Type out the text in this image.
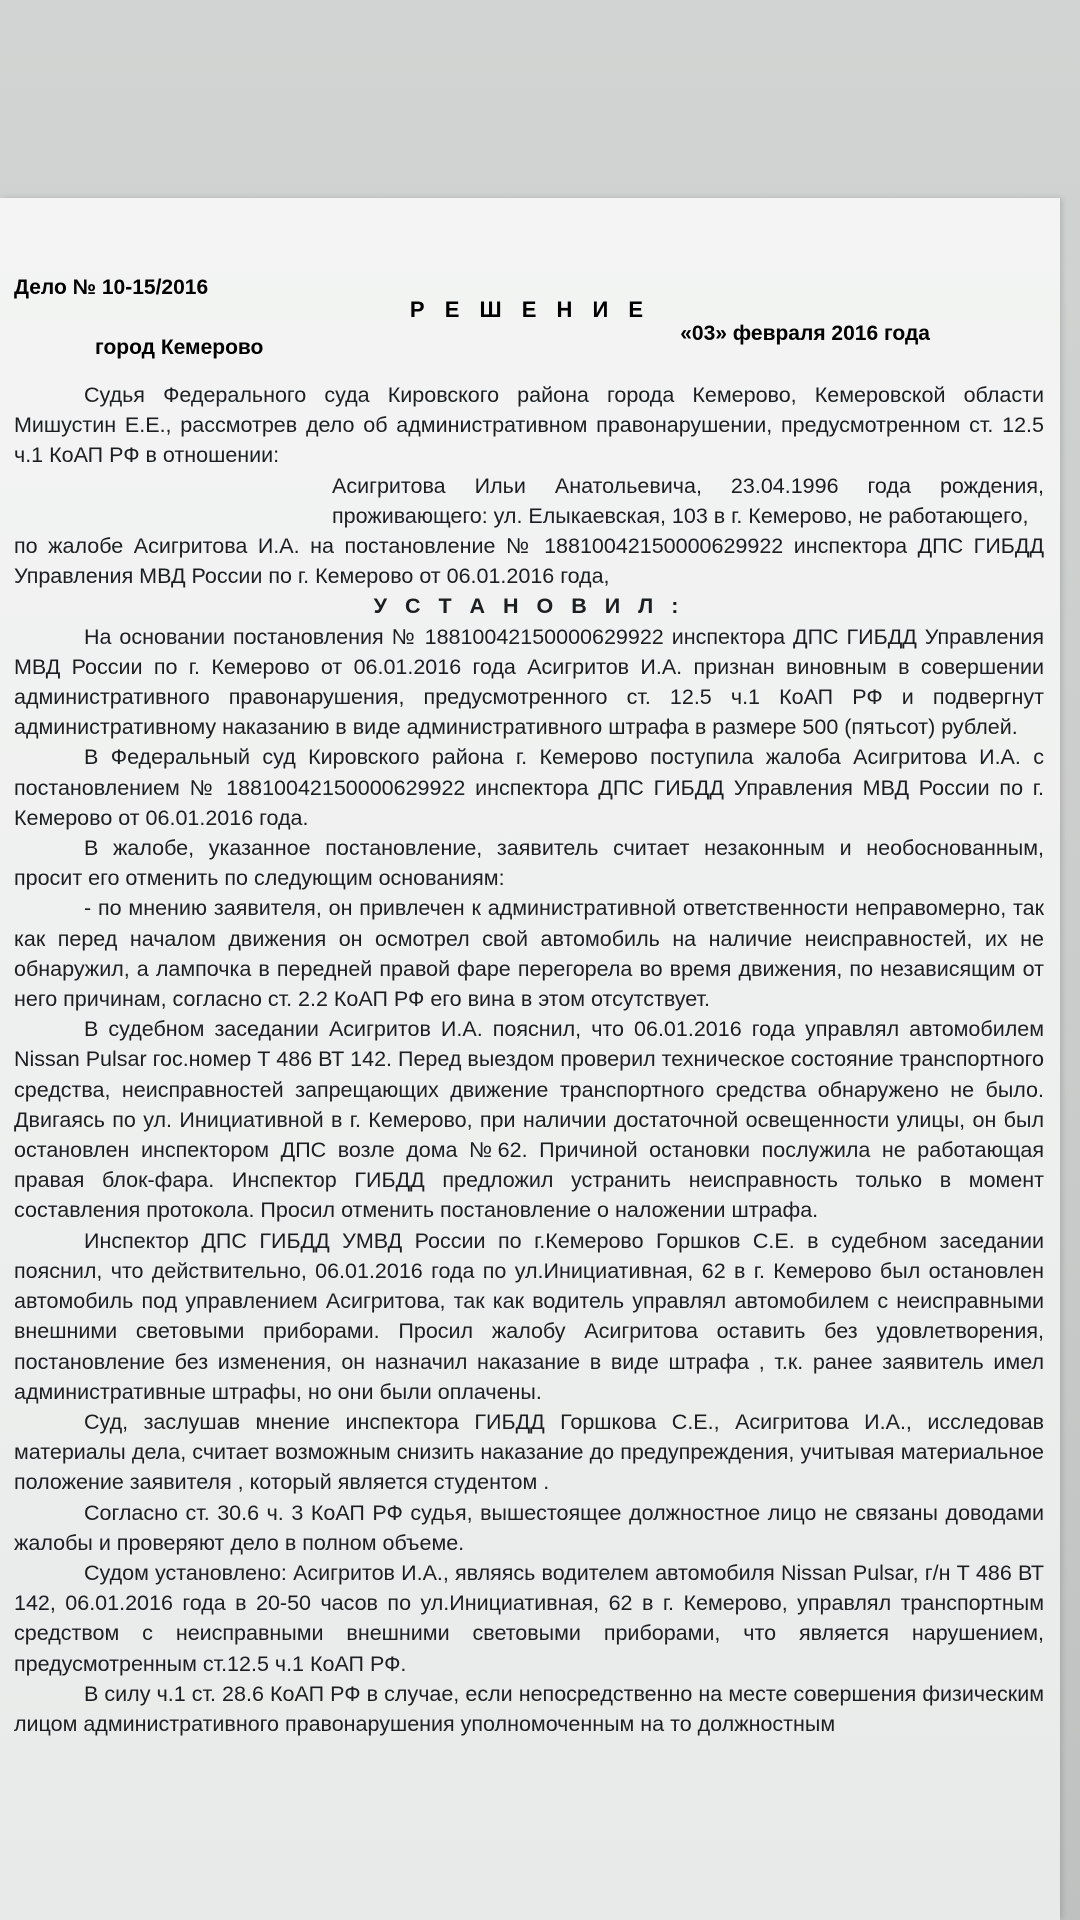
Дело № 10-15/2016
Р Е Ш Е Н И Е
«03» февраля 2016 года
город Кемерово

Судья Федерального суда Кировского района города Кемерово, Кемеровской области Мишустин Е.Е., рассмотрев дело об административном правонарушении, предусмотренном ст. 12.5 ч.1 КоАП РФ в отношении:

Асигритова Ильи Анатольевича, 23.04.1996 года рождения, проживающего: ул. Елыкаевская, 103 в г. Кемерово, не работающего,

по жалобе Асигритова И.А. на постановление № 18810042150000629922 инспектора ДПС ГИБДД Управления МВД России по г. Кемерово от 06.01.2016 года,

У С Т А Н О В И Л :

На основании постановления № 18810042150000629922 инспектора ДПС ГИБДД Управления МВД России по г. Кемерово от 06.01.2016 года Асигритов И.А. признан виновным в совершении административного правонарушения, предусмотренного ст. 12.5 ч.1 КоАП РФ и подвергнут административному наказанию в виде административного штрафа в размере 500 (пятьсот) рублей.

В Федеральный суд Кировского района г. Кемерово поступила жалоба Асигритова И.А. с постановлением № 18810042150000629922 инспектора ДПС ГИБДД Управления МВД России по г. Кемерово от 06.01.2016 года.

В жалобе, указанное постановление, заявитель считает незаконным и необоснованным, просит его отменить по следующим основаниям:

- по мнению заявителя, он привлечен к административной ответственности неправомерно, так как перед началом движения он осмотрел свой автомобиль на наличие неисправностей, их не обнаружил, а лампочка в передней правой фаре перегорела во время движения, по независящим от него причинам, согласно ст. 2.2 КоАП РФ его вина в этом отсутствует.

В судебном заседании Асигритов И.А. пояснил, что 06.01.2016 года управлял автомобилем Nissan Pulsar гос.номер Т 486 ВТ 142. Перед выездом проверил техническое состояние транспортного средства, неисправностей запрещающих движение транспортного средства обнаружено не было. Двигаясь по ул. Инициативной в г. Кемерово, при наличии достаточной освещенности улицы, он был остановлен инспектором ДПС возле дома №62. Причиной остановки послужила не работающая правая блок-фара. Инспектор ГИБДД предложил устранить неисправность только в момент составления протокола. Просил отменить постановление о наложении штрафа.

Инспектор ДПС ГИБДД УМВД России по г.Кемерово Горшков С.Е. в судебном заседании пояснил, что действительно, 06.01.2016 года по ул.Инициативная, 62 в г. Кемерово был остановлен автомобиль под управлением Асигритова, так как водитель управлял автомобилем с неисправными внешними световыми приборами. Просил жалобу Асигритова оставить без удовлетворения, постановление без изменения, он назначил наказание в виде штрафа , т.к. ранее заявитель имел административные штрафы, но они были оплачены.

Суд, заслушав мнение инспектора ГИБДД Горшкова С.Е., Асигритова И.А., исследовав материалы дела, считает возможным снизить наказание до предупреждения, учитывая материальное положение заявителя , который является студентом .

Согласно ст. 30.6 ч. 3 КоАП РФ судья, вышестоящее должностное лицо не связаны доводами жалобы и проверяют дело в полном объеме.

Судом установлено: Асигритов И.А., являясь водителем автомобиля Nissan Pulsar, г/н Т 486 ВТ 142, 06.01.2016 года в 20-50 часов по ул.Инициативная, 62 в г. Кемерово, управлял транспортным средством с неисправными внешними световыми приборами, что является нарушением, предусмотренным ст.12.5 ч.1 КоАП РФ.

В силу ч.1 ст. 28.6 КоАП РФ в случае, если непосредственно на месте совершения физическим лицом административного правонарушения уполномоченным на то должностным
